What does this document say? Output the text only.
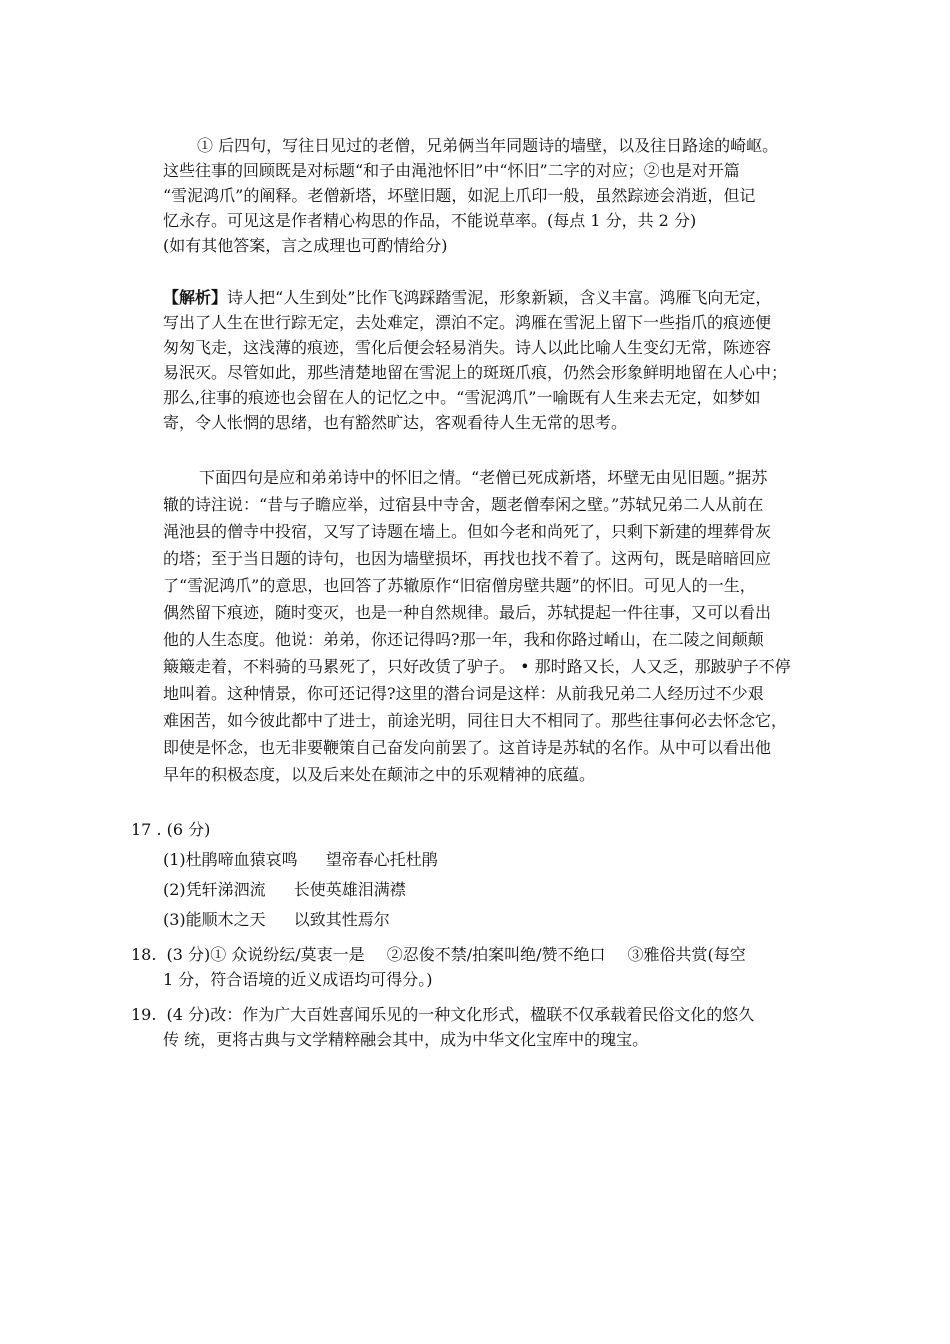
① 后四句，写往日见过的老僧，兄弟俩当年同题诗的墙壁，以及往日路途的崎岖。
这些往事的回顾既是对标题“和子由渑池怀旧”中“怀旧”二字的对应；②也是对开篇
“雪泥鸿爪”的阐释。老僧新塔，坏壁旧题，如泥上爪印一般，虽然踪迹会消逝，但记
忆永存。可见这是作者精心构思的作品，不能说草率。(每点 1 分，共 2 分)
(如有其他答案，言之成理也可酌情给分)
【解析】诗人把“人生到处”比作飞鸿踩踏雪泥，形象新颖，含义丰富。鸿雁飞向无定，
写出了人生在世行踪无定，去处难定，漂泊不定。鸿雁在雪泥上留下一些指爪的痕迹便
匆匆飞走，这浅薄的痕迹，雪化后便会轻易消失。诗人以此比喻人生变幻无常，陈迹容
易泯灭。尽管如此，那些清楚地留在雪泥上的斑斑爪痕，仍然会形象鲜明地留在人心中；
那么,往事的痕迹也会留在人的记忆之中。“雪泥鸿爪”一喻既有人生来去无定，如梦如
寄，令人怅惘的思绪，也有豁然旷达，客观看待人生无常的思考。
下面四句是应和弟弟诗中的怀旧之情。“老僧已死成新塔，坏壁无由见旧题。”据苏
辙的诗注说：“昔与子瞻应举，过宿县中寺舍，题老僧奉闲之壁。”苏轼兄弟二人从前在
渑池县的僧寺中投宿，又写了诗题在墙上。但如今老和尚死了，只剩下新建的埋葬骨灰
的塔；至于当日题的诗句，也因为墙壁损坏，再找也找不着了。这两句，既是暗暗回应
了“雪泥鸿爪”的意思，也回答了苏辙原作“旧宿僧房壁共题”的怀旧。可见人的一生，
偶然留下痕迹，随时变灭，也是一种自然规律。最后，苏轼提起一件往事，又可以看出
他的人生态度。他说：弟弟，你还记得吗?那一年，我和你路过崤山，在二陵之间颠颠
簸簸走着，不料骑的马累死了，只好改赁了驴子。 • 那时路又长，人又乏，那跛驴子不停
地叫着。这种情景，你可还记得?这里的潜台词是这样：从前我兄弟二人经历过不少艰
难困苦，如今彼此都中了进士，前途光明，同往日大不相同了。那些往事何必去怀念它，
即使是怀念，也无非要鞭策自己奋发向前罢了。这首诗是苏轼的名作。从中可以看出他
早年的积极态度，以及后来处在颠沛之中的乐观精神的底蕴。
17 . (6 分)
(1)杜鹃啼血猿哀鸣 望帝春心托杜鹃
(2)凭轩涕泗流 长使英雄泪满襟
(3)能顺木之天 以致其性焉尔
18. (3 分)① 众说纷纭/莫衷一是 ②忍俊不禁/拍案叫绝/赞不绝口 ③雅俗共赏(每空
1 分，符合语境的近义成语均可得分。)
19. (4 分)改：作为广大百姓喜闻乐见的一种文化形式，楹联不仅承载着民俗文化的悠久
传 统，更将古典与文学精粹融会其中，成为中华文化宝库中的瑰宝。
